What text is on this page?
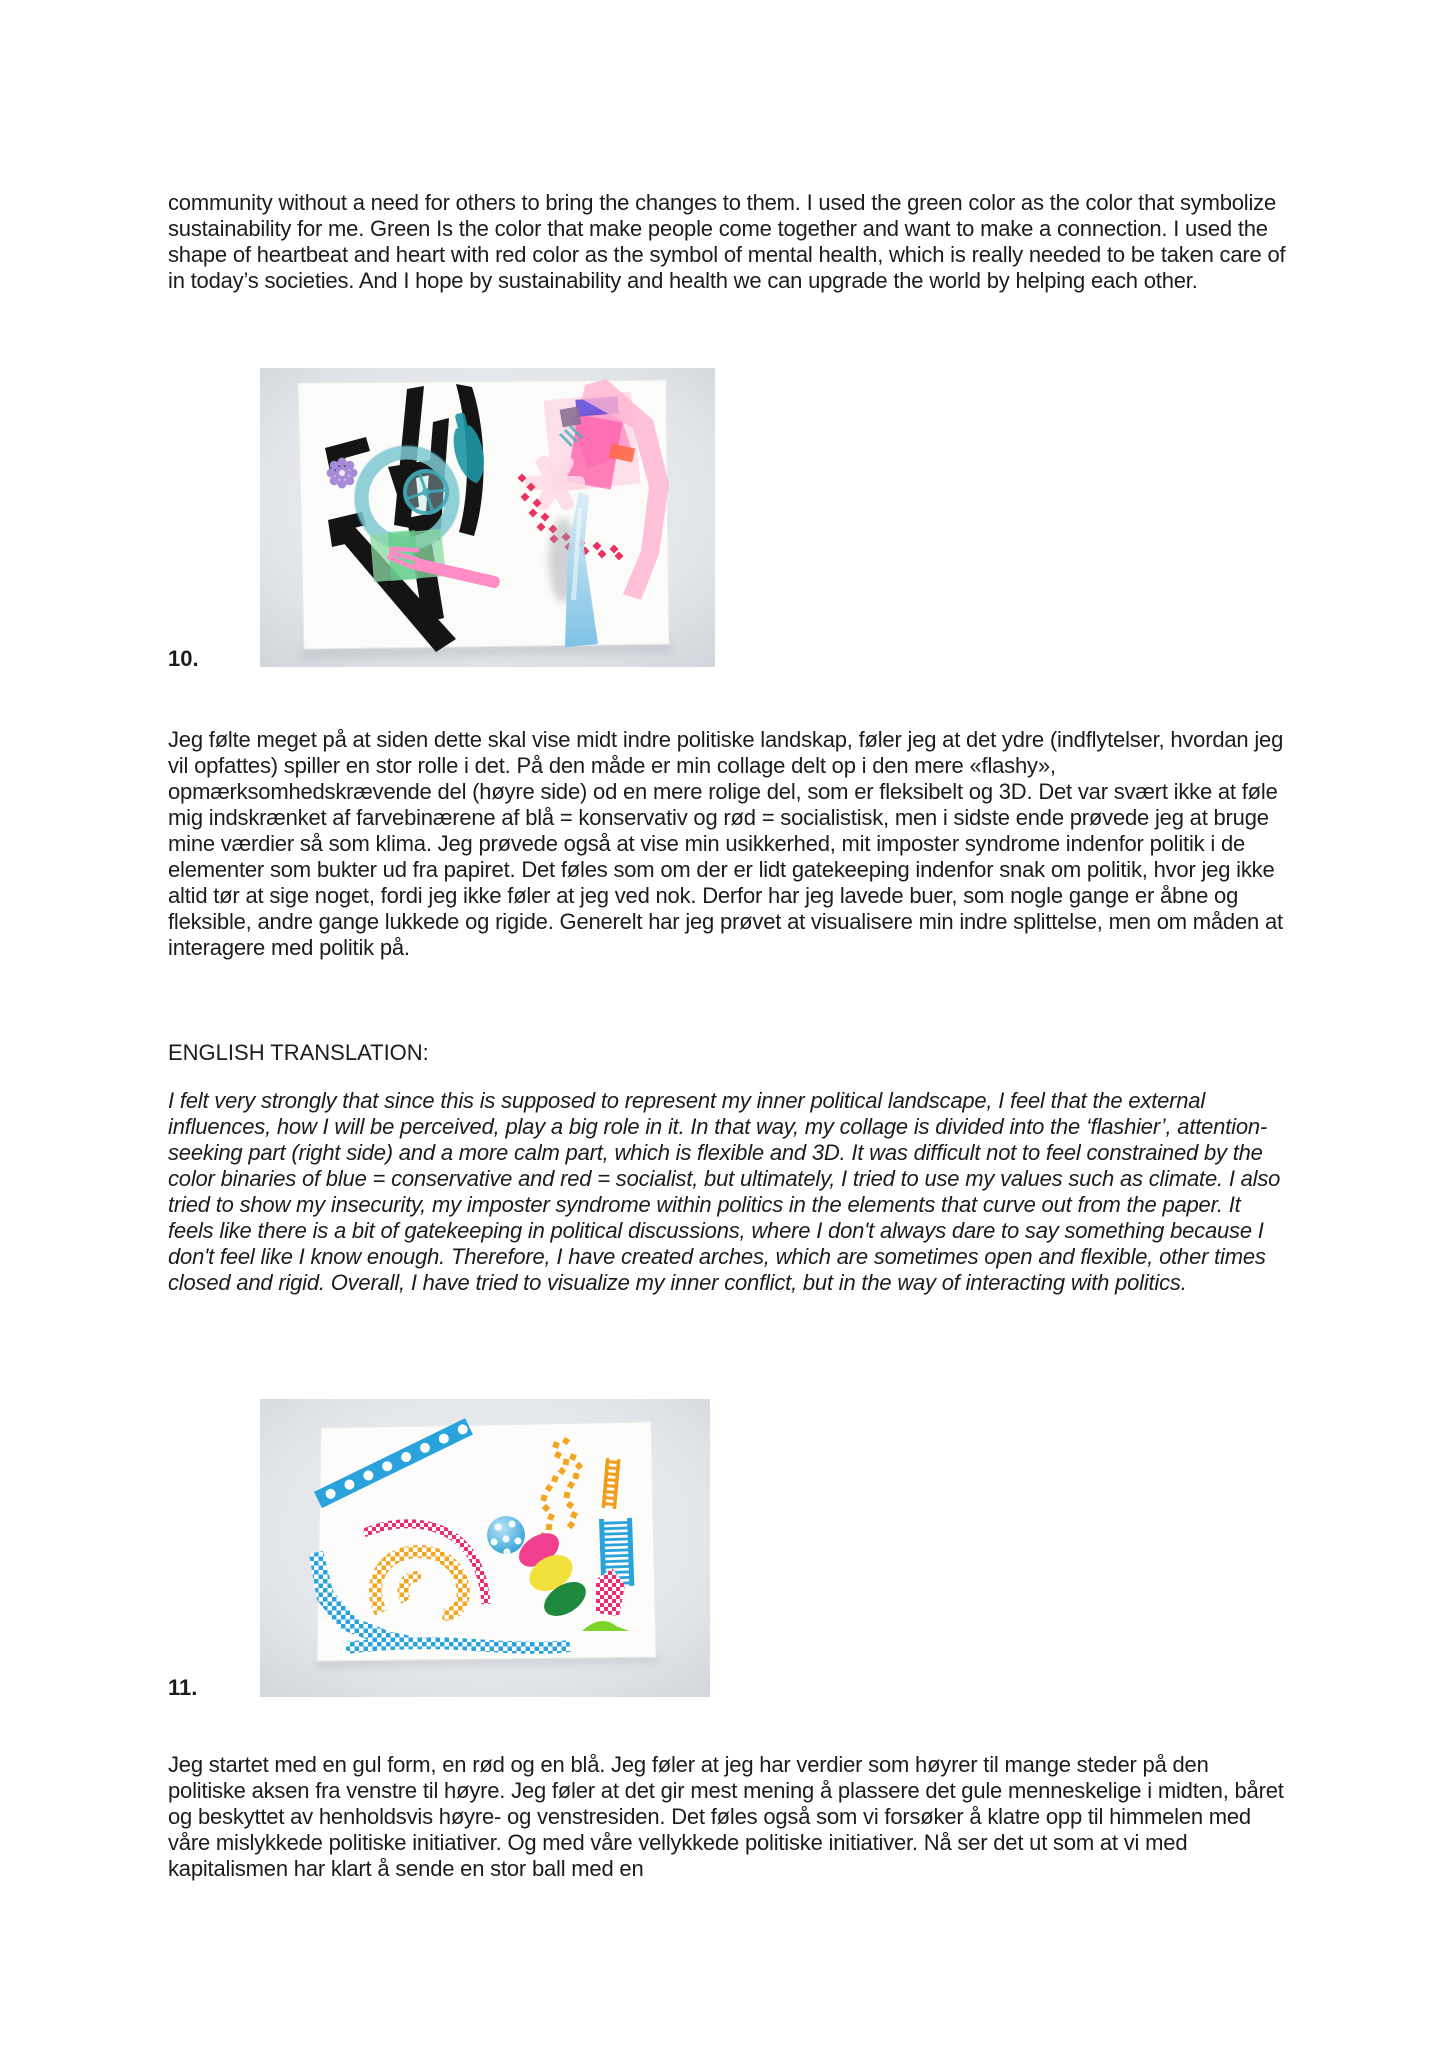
community without a need for others to bring the changes to them. I used the green color as the color that symbolize sustainability for me. Green Is the color that make people come together and want to make a connection. I used the shape of heartbeat and heart with red color as the symbol of mental health, which is really needed to be taken care of in today’s societies. And I hope by sustainability and health we can upgrade the world by helping each other.

10.

Jeg følte meget på at siden dette skal vise midt indre politiske landskap, føler jeg at det ydre (indflytelser, hvordan jeg vil opfattes) spiller en stor rolle i det. På den måde er min collage delt op i den mere «flashy», opmærksomhedskrævende del (høyre side) od en mere rolige del, som er fleksibelt og 3D. Det var svært ikke at føle mig indskrænket af farvebinærene af blå = konservativ og rød = socialistisk, men i sidste ende prøvede jeg at bruge mine værdier så som klima. Jeg prøvede også at vise min usikkerhed, mit imposter syndrome indenfor politik i de elementer som bukter ud fra papiret. Det føles som om der er lidt gatekeeping indenfor snak om politik, hvor jeg ikke altid tør at sige noget, fordi jeg ikke føler at jeg ved nok. Derfor har jeg lavede buer, som nogle gange er åbne og fleksible, andre gange lukkede og rigide. Generelt har jeg prøvet at visualisere min indre splittelse, men om måden at interagere med politik på.

ENGLISH TRANSLATION:

I felt very strongly that since this is supposed to represent my inner political landscape, I feel that the external influences, how I will be perceived, play a big role in it. In that way, my collage is divided into the ‘flashier’, attention-seeking part (right side) and a more calm part, which is flexible and 3D. It was difficult not to feel constrained by the color binaries of blue = conservative and red = socialist, but ultimately, I tried to use my values such as climate. I also tried to show my insecurity, my imposter syndrome within politics in the elements that curve out from the paper. It feels like there is a bit of gatekeeping in political discussions, where I don't always dare to say something because I don't feel like I know enough. Therefore, I have created arches, which are sometimes open and flexible, other times closed and rigid. Overall, I have tried to visualize my inner conflict, but in the way of interacting with politics.

11.

Jeg startet med en gul form, en rød og en blå. Jeg føler at jeg har verdier som høyrer til mange steder på den politiske aksen fra venstre til høyre. Jeg føler at det gir mest mening å plassere det gule menneskelige i midten, båret og beskyttet av henholdsvis høyre- og venstresiden. Det føles også som vi forsøker å klatre opp til himmelen med våre mislykkede politiske initiativer. Og med våre vellykkede politiske initiativer. Nå ser det ut som at vi med kapitalismen har klart å sende en stor ball med en
